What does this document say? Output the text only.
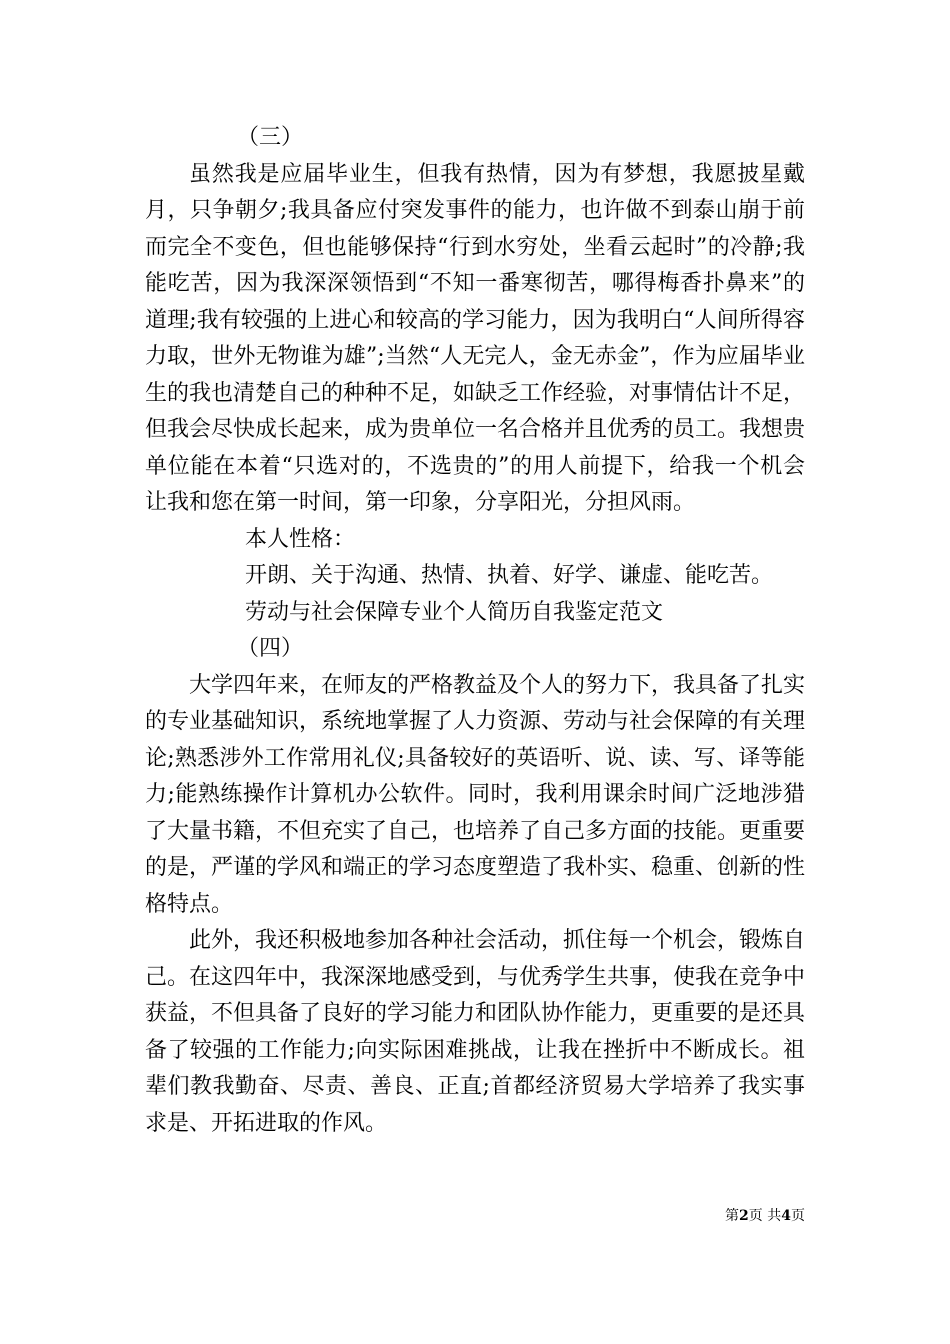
（三）

虽然我是应届毕业生，但我有热情，因为有梦想，我愿披星戴月，只争朝夕;我具备应付突发事件的能力，也许做不到泰山崩于前而完全不变色，但也能够保持“行到水穷处，坐看云起时”的冷静;我能吃苦，因为我深深领悟到“不知一番寒彻苦，哪得梅香扑鼻来”的道理;我有较强的上进心和较高的学习能力，因为我明白“人间所得容力取，世外无物谁为雄”;当然“人无完人，金无赤金”，作为应届毕业生的我也清楚自己的种种不足，如缺乏工作经验，对事情估计不足，但我会尽快成长起来，成为贵单位一名合格并且优秀的员工。我想贵单位能在本着“只选对的，不选贵的”的用人前提下，给我一个机会让我和您在第一时间，第一印象，分享阳光，分担风雨。

本人性格：
开朗、关于沟通、热情、执着、好学、谦虚、能吃苦。
劳动与社会保障专业个人简历自我鉴定范文
（四）

大学四年来，在师友的严格教益及个人的努力下，我具备了扎实的专业基础知识，系统地掌握了人力资源、劳动与社会保障的有关理论;熟悉涉外工作常用礼仪;具备较好的英语听、说、读、写、译等能力;能熟练操作计算机办公软件。同时，我利用课余时间广泛地涉猎了大量书籍，不但充实了自己，也培养了自己多方面的技能。更重要的是，严谨的学风和端正的学习态度塑造了我朴实、稳重、创新的性格特点。

此外，我还积极地参加各种社会活动，抓住每一个机会，锻炼自己。在这四年中，我深深地感受到，与优秀学生共事，使我在竞争中获益，不但具备了良好的学习能力和团队协作能力，更重要的是还具备了较强的工作能力;向实际困难挑战，让我在挫折中不断成长。祖辈们教我勤奋、尽责、善良、正直;首都经济贸易大学培养了我实事求是、开拓进取的作风。

第2页 共4页
